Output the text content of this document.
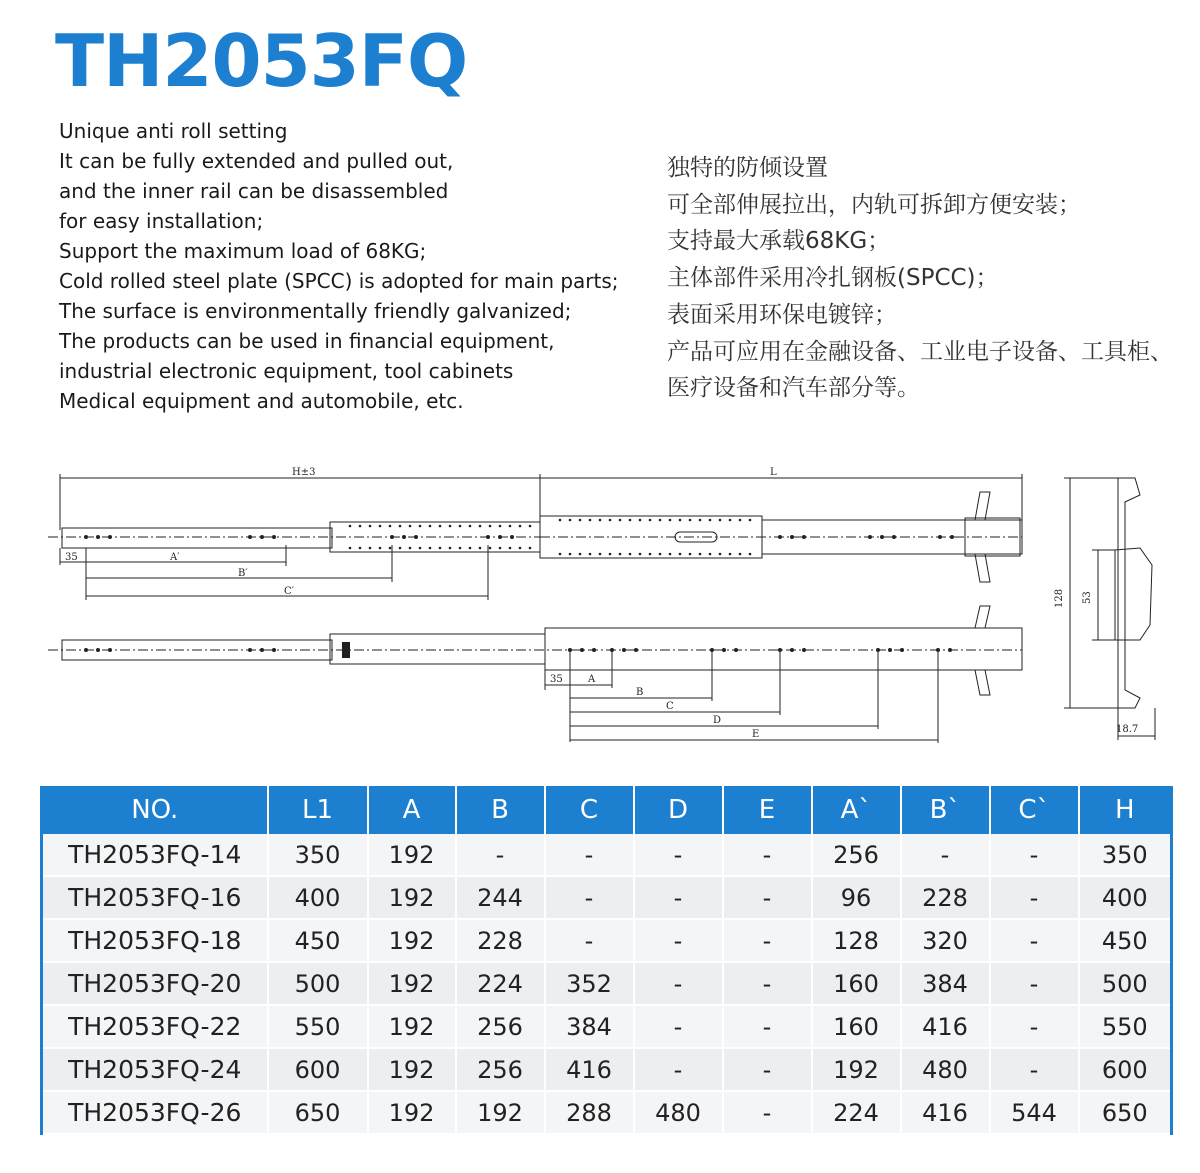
TH2053FQ
Unique anti roll setting
It can be fully extended and pulled out,
and the inner rail can be disassembled
for easy installation;
Support the maximum load of 68KG;
Cold rolled steel plate (SPCC) is adopted for main parts;
The surface is environmentally friendly galvanized;
The products can be used in financial equipment,
industrial electronic equipment, tool cabinets
Medical equipment and automobile, etc.
独特的防倾设置
可全部伸展拉出，内轨可拆卸方便安装；
支持最大承载68KG；
主体部件采用冷扎钢板(SPCC)；
表面采用环保电镀锌；
产品可应用在金融设备、工业电子设备、工具柜、
医疗设备和汽车部分等。
H±3	L
35	A′
B′
C′
35	A
B
C
D
E
128 53
18.7
NO.	L1	A	B	C	D	E	A`	B`	C`	H
TH2053FQ-14	350	192	-	-	-	-	256	-	-	350
TH2053FQ-16	400	192	244	-	-	-	96	228	-	400
TH2053FQ-18	450	192	228	-	-	-	128	320	-	450
TH2053FQ-20	500	192	224	352	-	-	160	384	-	500
TH2053FQ-22	550	192	256	384	-	-	160	416	-	550
TH2053FQ-24	600	192	256	416	-	-	192	480	-	600
TH2053FQ-26	650	192	192	288	480	-	224	416	544	650
